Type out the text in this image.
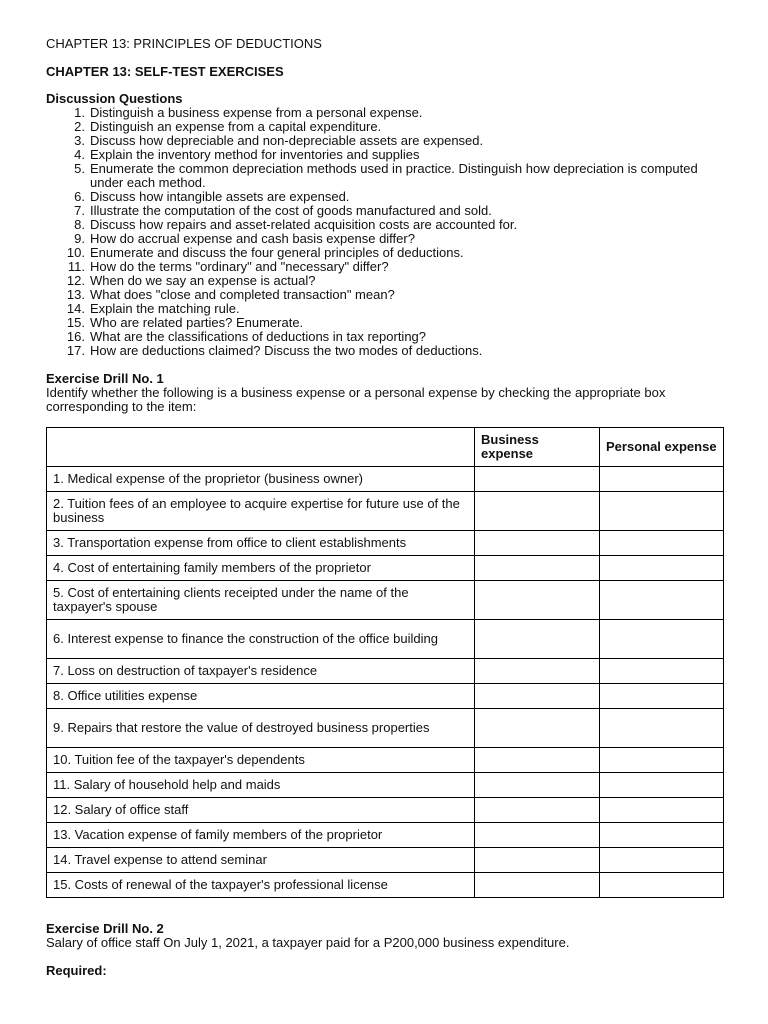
CHAPTER 13: PRINCIPLES OF DEDUCTIONS

CHAPTER 13: SELF-TEST EXERCISES

Discussion Questions

1. Distinguish a business expense from a personal expense.
2. Distinguish an expense from a capital expenditure.
3. Discuss how depreciable and non-depreciable assets are expensed.
4. Explain the inventory method for inventories and supplies
5. Enumerate the common depreciation methods used in practice. Distinguish how depreciation is computed under each method.
6. Discuss how intangible assets are expensed.
7. Illustrate the computation of the cost of goods manufactured and sold.
8. Discuss how repairs and asset-related acquisition costs are accounted for.
9. How do accrual expense and cash basis expense differ?
10. Enumerate and discuss the four general principles of deductions.
11. How do the terms "ordinary" and "necessary" differ?
12. When do we say an expense is actual?
13. What does "close and completed transaction" mean?
14. Explain the matching rule.
15. Who are related parties? Enumerate.
16. What are the classifications of deductions in tax reporting?
17. How are deductions claimed? Discuss the two modes of deductions.

Exercise Drill No. 1

Identify whether the following is a business expense or a personal expense by checking the appropriate box corresponding to the item:

	Business expense	Personal expense
1. Medical expense of the proprietor (business owner)		
2. Tuition fees of an employee to acquire expertise for future use of the business		
3. Transportation expense from office to client establishments		
4. Cost of entertaining family members of the proprietor		
5. Cost of entertaining clients receipted under the name of the taxpayer's spouse		
6. Interest expense to finance the construction of the office building		
7. Loss on destruction of taxpayer's residence		
8. Office utilities expense		
9. Repairs that restore the value of destroyed business properties		
10. Tuition fee of the taxpayer's dependents		
11. Salary of household help and maids		
12. Salary of office staff		
13. Vacation expense of family members of the proprietor		
14. Travel expense to attend seminar		
15. Costs of renewal of the taxpayer's professional license		

Exercise Drill No. 2

Salary of office staff On July 1, 2021, a taxpayer paid for a P200,000 business expenditure.

Required:
